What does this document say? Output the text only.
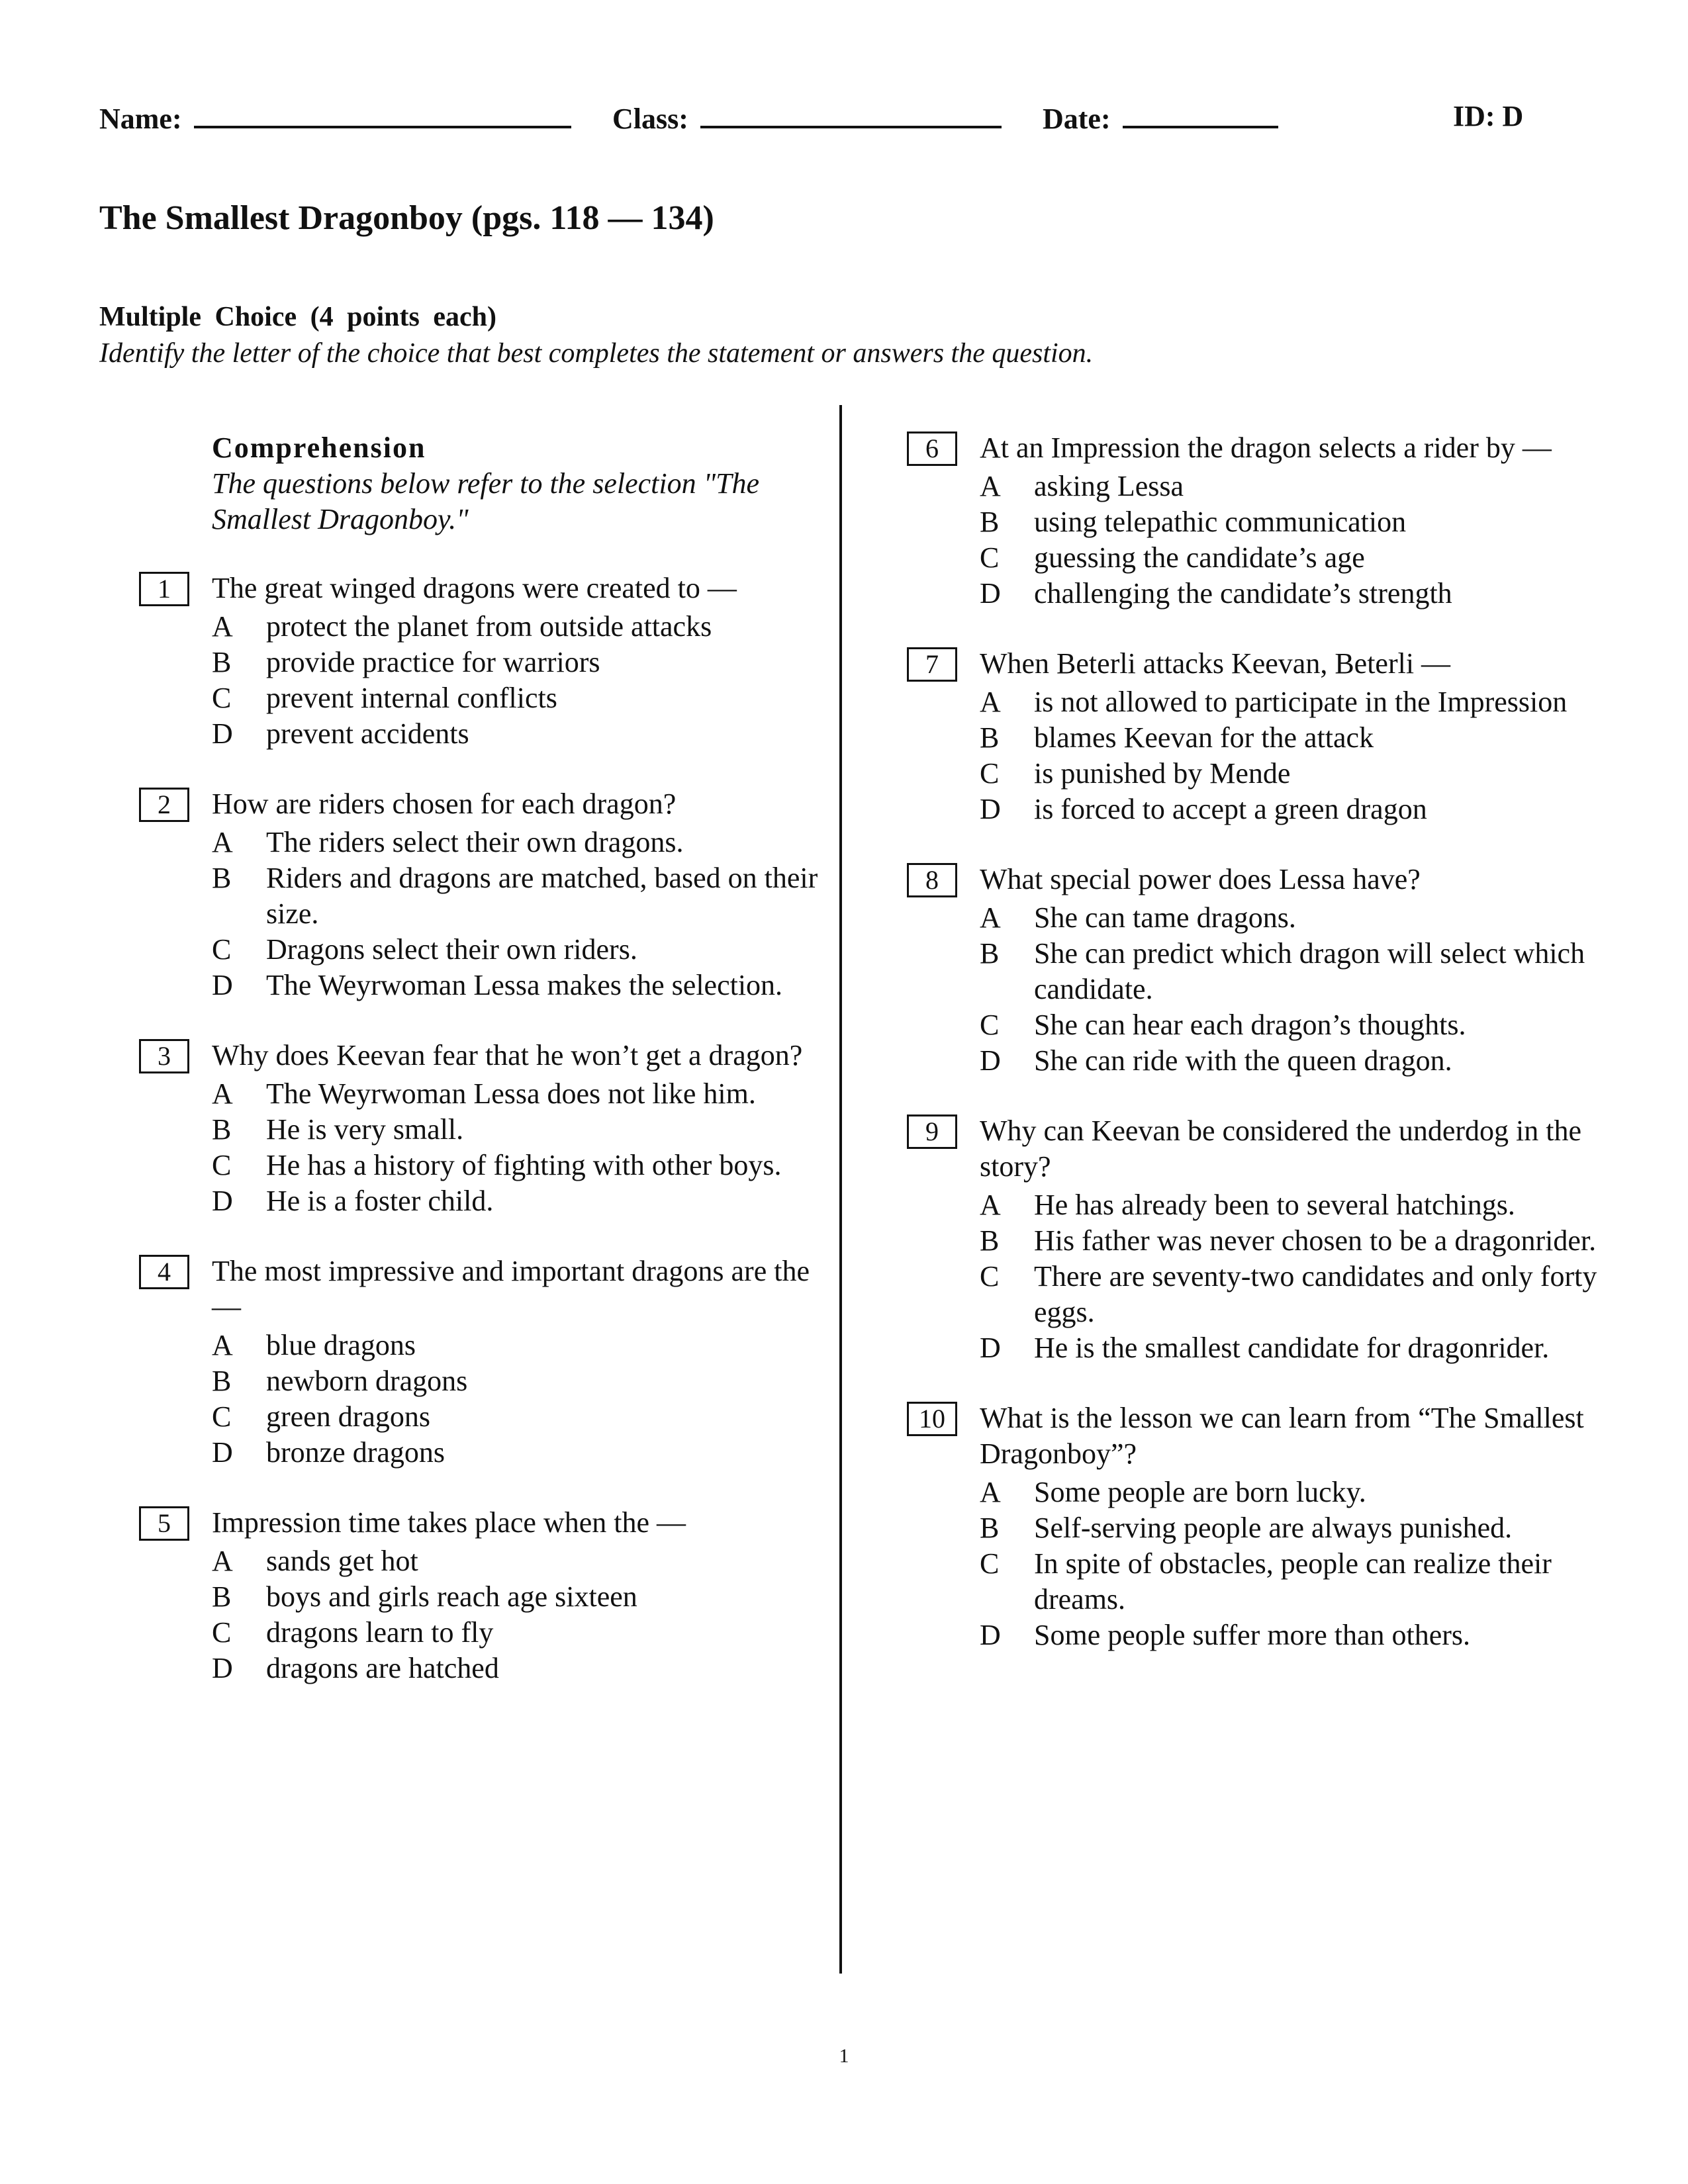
Name:	Class:	Date:	ID: D
The Smallest Dragonboy (pgs. 118 — 134)
Multiple Choice (4 points each)
Identify the letter of the choice that best completes the statement or answers the question.
Comprehension
The questions below refer to the selection "The Smallest Dragonboy."
1	The great winged dragons were created to —
A	protect the planet from outside attacks
B	provide practice for warriors
C	prevent internal conflicts
D	prevent accidents
2	How are riders chosen for each dragon?
A	The riders select their own dragons.
B	Riders and dragons are matched, based on their size.
C	Dragons select their own riders.
D	The Weyrwoman Lessa makes the selection.
3	Why does Keevan fear that he won’t get a dragon?
A	The Weyrwoman Lessa does not like him.
B	He is very small.
C	He has a history of fighting with other boys.
D	He is a foster child.
4	The most impressive and important dragons are the —
A	blue dragons
B	newborn dragons
C	green dragons
D	bronze dragons
5	Impression time takes place when the —
A	sands get hot
B	boys and girls reach age sixteen
C	dragons learn to fly
D	dragons are hatched
6	At an Impression the dragon selects a rider by —
A	asking Lessa
B	using telepathic communication
C	guessing the candidate’s age
D	challenging the candidate’s strength
7	When Beterli attacks Keevan, Beterli —
A	is not allowed to participate in the Impression
B	blames Keevan for the attack
C	is punished by Mende
D	is forced to accept a green dragon
8	What special power does Lessa have?
A	She can tame dragons.
B	She can predict which dragon will select which candidate.
C	She can hear each dragon’s thoughts.
D	She can ride with the queen dragon.
9	Why can Keevan be considered the underdog in the story?
A	He has already been to several hatchings.
B	His father was never chosen to be a dragonrider.
C	There are seventy-two candidates and only forty eggs.
D	He is the smallest candidate for dragonrider.
10	What is the lesson we can learn from “The Smallest Dragonboy”?
A	Some people are born lucky.
B	Self-serving people are always punished.
C	In spite of obstacles, people can realize their dreams.
D	Some people suffer more than others.
1
